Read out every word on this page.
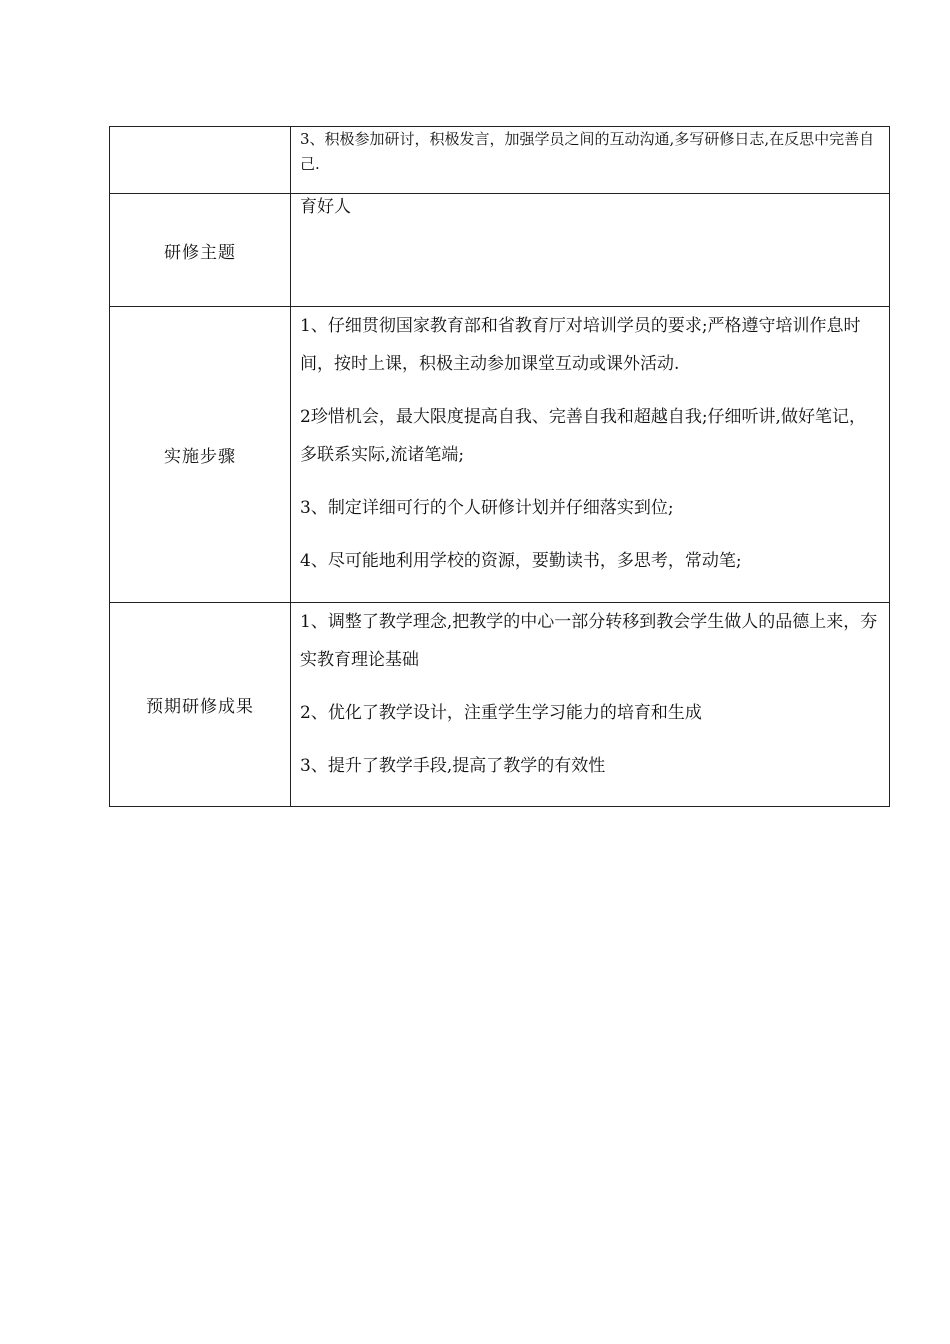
	3、积极参加研讨，积极发言，加强学员之间的互动沟通,多写研修日志,在反思中完善自己.

研修主题	育好人

实施步骤	1、仔细贯彻国家教育部和省教育厅对培训学员的要求;严格遵守培训作息时间，按时上课，积极主动参加课堂互动或课外活动.

2珍惜机会，最大限度提高自我、完善自我和超越自我;仔细听讲,做好笔记，多联系实际,流诸笔端;

3、制定详细可行的个人研修计划并仔细落实到位;

4、尽可能地利用学校的资源，要勤读书，多思考，常动笔;

预期研修成果	1、调整了教学理念,把教学的中心一部分转移到教会学生做人的品德上来，夯实教育理论基础

2、优化了教学设计，注重学生学习能力的培育和生成

3、提升了教学手段,提高了教学的有效性
